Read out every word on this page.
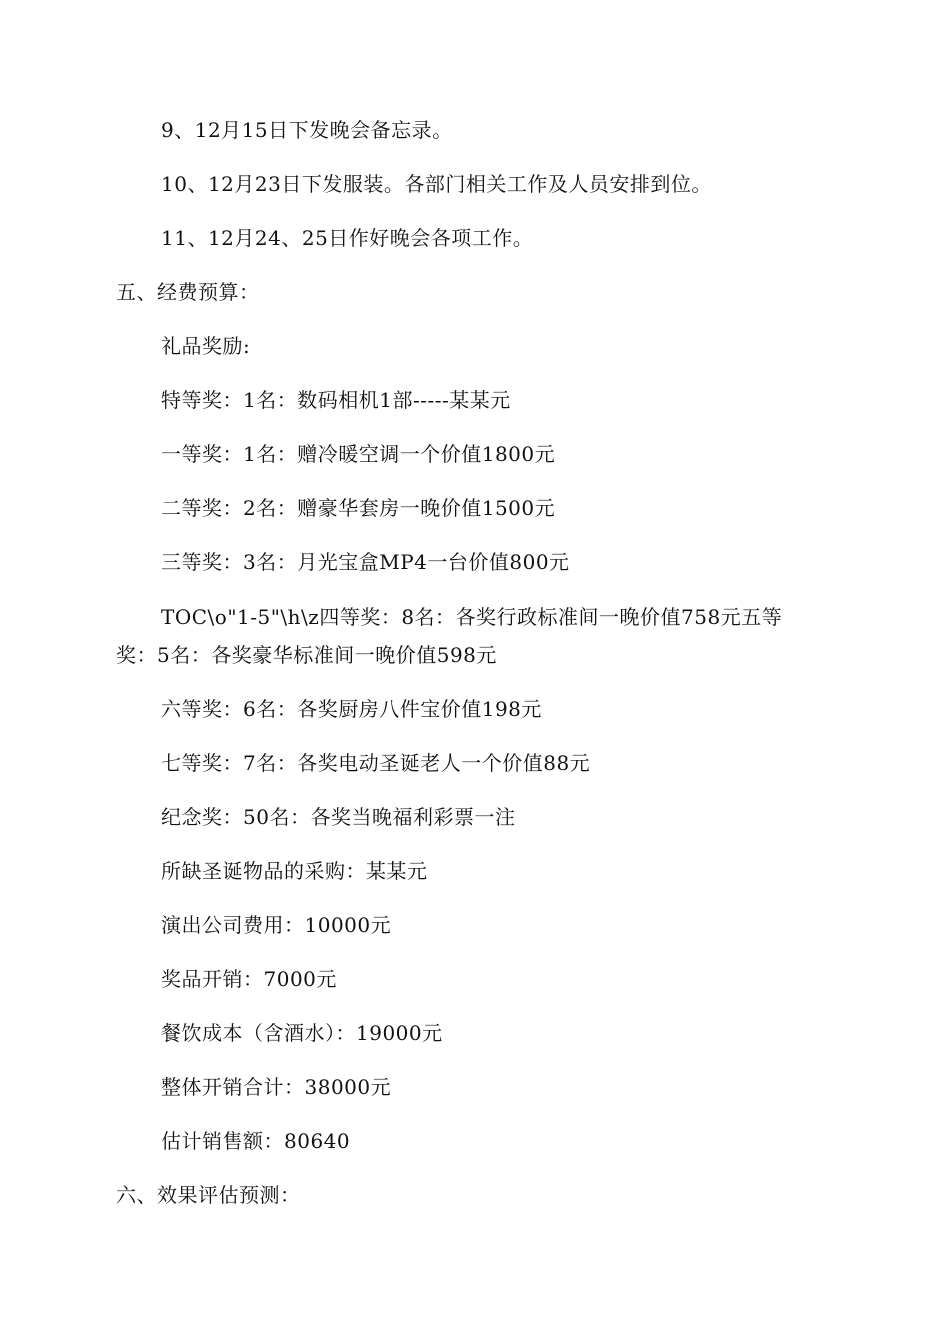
9、12月15日下发晚会备忘录。
10、12月23日下发服装。各部门相关工作及人员安排到位。
11、12月24、25日作好晚会各项工作。
五、经费预算：
礼品奖励:
特等奖：1名：数码相机1部-----某某元
一等奖：1名：赠冷暖空调一个价值1800元
二等奖：2名：赠豪华套房一晚价值1500元
三等奖：3名：月光宝盒MP4一台价值800元
TOC\o"1-5"\h\z四等奖：8名：各奖行政标准间一晚价值758元五等
奖：5名：各奖豪华标准间一晚价值598元
六等奖：6名：各奖厨房八件宝价值198元
七等奖：7名：各奖电动圣诞老人一个价值88元
纪念奖：50名：各奖当晚福利彩票一注
所缺圣诞物品的采购：某某元
演出公司费用：10000元
奖品开销：7000元
餐饮成本（含酒水）：19000元
整体开销合计：38000元
估计销售额：80640
六、效果评估预测：
